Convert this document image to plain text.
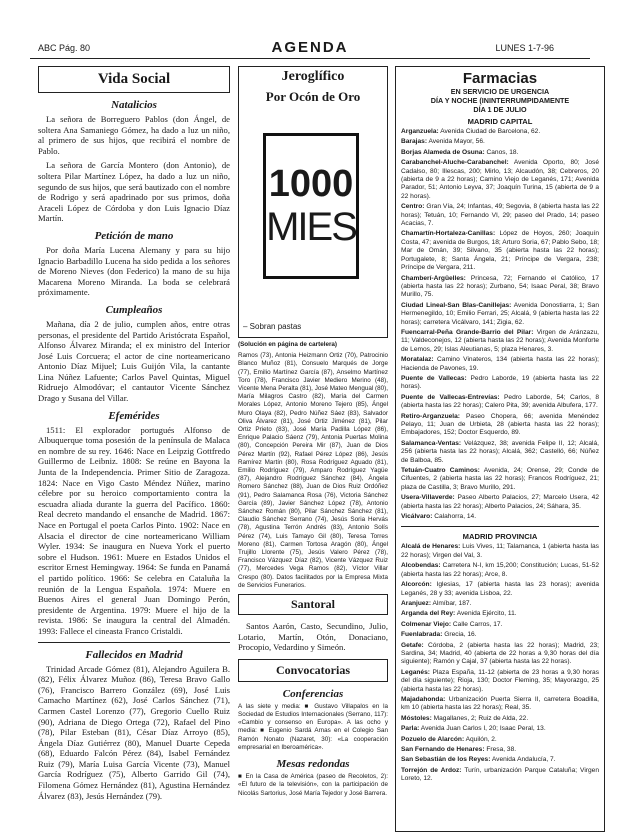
ABC Pág. 80	AGENDA	LUNES 1-7-96
Vida Social
Natalicios

La señora de Borreguero Pablos (don Ángel, de soltera Ana Samaniego Gómez, ha dado a luz un niño, al primero de sus hijos, que recibirá el nombre de Pablo.

La señora de García Montero (don Antonio), de soltera Pilar Martínez López, ha dado a luz un niño, segundo de sus hijos, que será bautizado con el nombre de Rodrigo y será apadrinado por sus primos, doña Araceli López de Córdoba y don Luis Ignacio Díaz Martín.

Petición de mano

Por doña María Lucena Alemany y para su hijo Ignacio Barbadillo Lucena ha sido pedida a los señores de Moreno Nieves (don Federico) la mano de su hija Macarena Moreno Miranda. La boda se celebrará próximamente.

Cumpleaños

Mañana, día 2 de julio, cumplen años, entre otras personas, el presidente del Partido Aristócrata Español, Alfonso Álvarez Miranda; el ex ministro del Interior José Luis Corcuera; el actor de cine norteamericano Antonio Díaz Mijuel; Luis Guijón Vila, la cantante Lina Núñez Lafuente; Carlos Pavel Quintas, Miguel Ridruejo Almodóvar; el cantautor Vicente Sánchez Drago y Susana del Villar.

Efemérides

1511: El explorador portugués Alfonso de Albuquerque toma posesión de la península de Malaca en nombre de su rey. 1646: Nace en Leipzig Gottfredo Guillermo de Leibniz. 1808: Se reúne en Bayona la Junta de la Independencia. Primer Sitio de Zaragoza. 1824: Nace en Vigo Casto Méndez Núñez, marino célebre por su heroico comportamiento contra la escuadra aliada durante la guerra del Pacífico. 1860: Real decreto mandando el ensanche de Madrid. 1867: Nace en Portugal el poeta Carlos Pinto. 1902: Nace en Alsacia el director de cine norteamericano William Wyler. 1934: Se inaugura en Nueva York el puerto sobre el Hudson. 1961: Muere en Estados Unidos el escritor Ernest Hemingway. 1964: Se funda en Panamá el partido político. 1966: Se celebra en Cataluña la reunión de la Lengua Española. 1974: Muere en Buenos Aires el general Juan Domingo Perón, presidente de Argentina. 1979: Muere el hijo de la revista. 1986: Se inaugura la central del Almadén. 1993: Fallece el cineasta Franco Cristaldi.

Fallecidos en Madrid

Trinidad Arcade Gómez (81), Alejandro Aguilera B. (82), Félix Álvarez Muñoz (86), Teresa Bravo Gallo (76), Francisco Barrero González (69), José Luis Camacho Martínez (62), José Carlos Sánchez (71), Carmen Castel Lorenzo (77), Gregorio Cuello Ruiz (90), Adriana de Diego Ortega (72), Rafael del Pino (78), Pilar Esteban (81), César Díaz Arroyo (85), Ángela Díaz Gutiérrez (80), Manuel Duarte Cepeda (68), Eduardo Falcón Pérez (84), Isabel Fernández Ruiz (79), María Luisa García Vicente (73), Manuel García Rodríguez (75), Alberto Garrido Gil (74), Filomena Gómez Hernández (81), Agustina Hernández Álvarez (83), Jesús Hernández (79).

Jeroglífico
Por Ocón de Oro
1000
MIES
– Sobran pastas
(Solución en página de cartelera)
Ramos (73), Antonia Heizmann Ortiz (70), Patrocinio Blanco Muñoz (81), Consuelo Marqués de Jorge (77), Emilio Martínez García (87), Anselmo Martínez Toro (78), Francisco Javier Mediero Merino (48), Vicente Mena Peralta (81), José Mateo Mengual (80), María Milagros Castro (82), María del Carmen Morales López, Antonio Moreno Tejero (85), Ángel Muro Olaya (82), Pedro Núñez Sáez (83), Salvador Oliva Álvarez (81), José Ortiz Jiménez (81), Pilar Ortiz Prieto (83), José María Padilla López (86), Enrique Palacio Sáenz (79), Antonia Puertas Molina (80), Concepción Pereira Mir (87), Juan de Dios Pérez Martín (92), Rafael Pérez López (86), Jesús Ramírez Martín (80), Rosa Rodríguez Aguado (81), Emilio Rodríguez (79), Amparo Rodríguez Yagüe (87), Alejandro Rodríguez Sánchez (84), Ángela Romero Sánchez (88), Juan de Dios Ruiz Ordóñez (91), Pedro Salamanca Rosa (76), Victoria Sánchez García (89), Javier Sánchez López (78), Antonio Sánchez Román (80), Pilar Sánchez Sánchez (81), Claudio Sánchez Serrano (74), Jesús Soria Hervás (78), Agustina Terrón Andrés (83), Antonio Solís Pérez (74), Luis Tamayo Gil (80), Teresa Torres Moreno (81), Carmen Tortosa Aragón (80), Ángel Trujillo Llorente (75), Jesús Valero Pérez (78), Francisco Vázquez Díaz (82), Vicente Vázquez Ruiz (77), Mercedes Vega Ramos (82), Víctor Villar Crespo (80). Datos facilitados por la Empresa Mixta de Servicios Funerarios.
Santoral

Santos Aarón, Casto, Secundino, Julio, Lotario, Martín, Otón, Donaciano, Procopio, Vedardino y Simeón.

Convocatorias
Conferencias
A las siete y media: ■ Gustavo Villapalos en la Sociedad de Estudios Internacionales (Serrano, 117): «Cambio y consenso en Europa». A las ocho y media: ■ Eugenio Sardá Arnas en el Colegio San Ramón Nonato (Nazaret, 30): «La cooperación empresarial en Iberoamérica».
Mesas redondas
■ En la Casa de América (paseo de Recoletos, 2): «El futuro de la televisión», con la participación de Nicolás Sartorius, José María Tejedor y José Barrera.
Farmacias
EN SERVICIO DE URGENCIA
DÍA Y NOCHE (ININTERRUMPIDAMENTE
DÍA 1 DE JULIO
MADRID CAPITAL
Arganzuela: Avenida Ciudad de Barcelona, 62.
Barajas: Avenida Mayor, 56.
Borjas Alameda de Osuna: Canos, 18.
Carabanchel-Aluche-Carabanchel: Avenida Oporto, 80; José Cadalso, 80; Illescas, 200; Mirlo, 13; Alcaudón, 38; Cebreros, 20 (abierta de 9 a 22 horas); Camino Viejo de Leganés, 171; Avenida Parador, 51; Antonio Leyva, 37; Joaquín Turina, 15 (abierta de 9 a 22 horas).
Centro: Gran Vía, 24; Infantas, 49; Segovia, 8 (abierta hasta las 22 horas); Tetuán, 10; Fernando VI, 29; paseo del Prado, 14; paseo Acacias, 7.
Chamartín-Hortaleza-Canillas: López de Hoyos, 260; Joaquín Costa, 47; avenida de Burgos, 18; Arturo Soria, 67; Pablo Sebo, 18; Mar de Omán, 39; Silvano, 35 (abierta hasta las 22 horas); Portugalete, 8; Santa Ángela, 21; Príncipe de Vergara, 238; Príncipe de Vergara, 211.
Chamberí-Argüelles: Princesa, 72; Fernando el Católico, 17 (abierta hasta las 22 horas); Zurbano, 54; Isaac Peral, 38; Bravo Murillo, 75.
Ciudad Lineal-San Blas-Canillejas: Avenida Donostiarra, 1; San Hermenegildo, 10; Emilio Ferrari, 25; Alcalá, 9 (abierta hasta las 22 horas); carretera Vicálvaro, 141; Zigia, 62.
Fuencarral-Peña Grande-Barrio del Pilar: Virgen de Aránzazu, 11; Valdeconejos, 12 (abierta hasta las 22 horas); Avenida Monforte de Lemos, 29; Islas Aleutianas, 5; plaza Henares, 3.
Moratalaz: Camino Vinateros, 134 (abierta hasta las 22 horas); Hacienda de Pavones, 19.
Puente de Vallecas: Pedro Laborde, 19 (abierta hasta las 22 horas).
Puente de Vallecas-Entrevías: Pedro Laborde, 54; Carlos, 8 (abierta hasta las 22 horas); Calero Pita, 39; avenida Albufera, 177.
Retiro-Arganzuela: Paseo Chopera, 66; avenida Menéndez Pelayo, 11; Juan de Urbieta, 28 (abierta hasta las 22 horas); Embajadores, 152; Doctor Esquerdo, 89.
Salamanca-Ventas: Velázquez, 38; avenida Felipe II, 12; Alcalá, 256 (abierta hasta las 22 horas); Alcalá, 362; Castelló, 66; Núñez de Balboa, 85.
Tetuán-Cuatro Caminos: Avenida, 24; Orense, 29; Conde de Cifuentes, 2 (abierta hasta las 22 horas); Francos Rodríguez, 21; plaza de Castilla, 3; Bravo Murillo, 291.
Usera-Villaverde: Paseo Alberto Palacios, 27; Marcelo Usera, 42 (abierta hasta las 22 horas); Alberto Palacios, 24; Sáhara, 35.
Vicálvaro: Calahorra, 14.
MADRID PROVINCIA
Alcalá de Henares: Luis Vives, 11; Talamanca, 1 (abierta hasta las 22 horas); Virgen del Val, 3.
Alcobendas: Carretera N-I, km 15,200; Constitución; Lucas, 51-52 (abierta hasta las 22 horas); Arce, 8.
Alcorcón: Iglesias, 17 (abierta hasta las 23 horas); avenida Leganés, 28 y 33; avenida Lisboa, 22.
Aranjuez: Almíbar, 187.
Arganda del Rey: Avenida Ejército, 11.
Colmenar Viejo: Calle Carros, 17.
Fuenlabrada: Grecia, 16.
Getafe: Córdoba, 2 (abierta hasta las 22 horas); Madrid, 23; Sardina, 34; Madrid, 40 (abierta de 22 horas a 9,30 horas del día siguiente); Ramón y Cajal, 37 (abierta hasta las 22 horas).
Leganés: Plaza España, 11-12 (abierta de 23 horas a 9,30 horas del día siguiente); Rioja, 130; Doctor Fleming, 35; Mayorazgo, 25 (abierta hasta las 22 horas).
Majadahonda: Urbanización Puerta Sierra II, carretera Boadilla, km 10 (abierta hasta las 22 horas); Real, 35.
Móstoles: Magallanes, 2; Ruiz de Alda, 22.
Parla: Avenida Juan Carlos I, 20; Isaac Peral, 13.
Pozuelo de Alarcón: Aquilón, 2.
San Fernando de Henares: Fresa, 38.
San Sebastián de los Reyes: Avenida Andalucía, 7.
Torrejón de Ardoz: Turín, urbanización Parque Cataluña; Virgen Loreto, 12.
